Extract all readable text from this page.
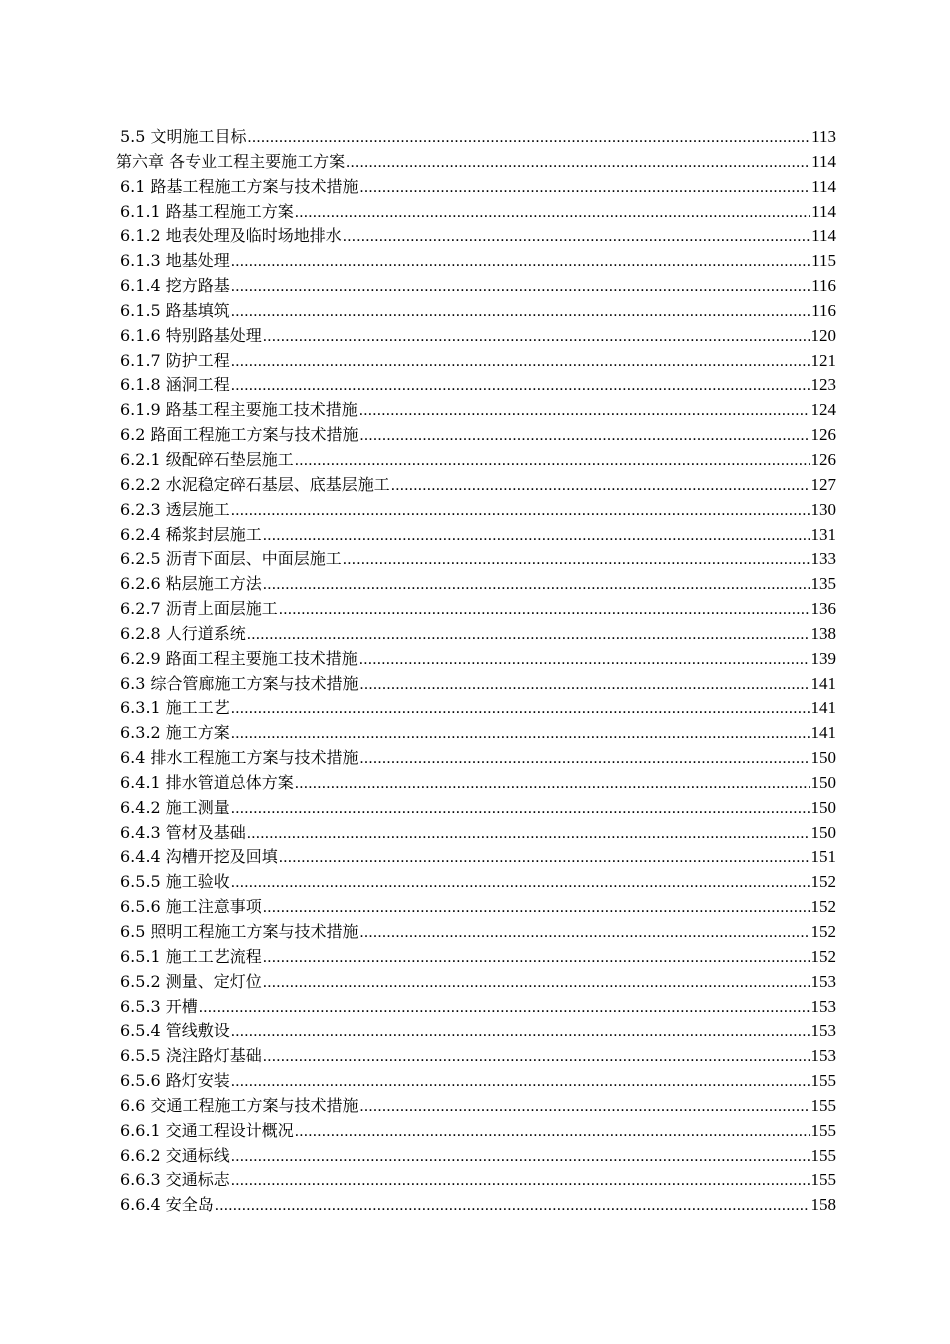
5.5 文明施工目标 .....	113
第六章 各专业工程主要施工方案 .....	114
6.1 路基工程施工方案与技术措施 .....	114
6.1.1 路基工程施工方案 .....	114
6.1.2 地表处理及临时场地排水 .....	114
6.1.3 地基处理 .....	115
6.1.4 挖方路基 .....	116
6.1.5 路基填筑 .....	116
6.1.6 特别路基处理 .....	120
6.1.7 防护工程 .....	121
6.1.8 涵洞工程 .....	123
6.1.9 路基工程主要施工技术措施 .....	124
6.2 路面工程施工方案与技术措施 .....	126
6.2.1 级配碎石垫层施工 .....	126
6.2.2 水泥稳定碎石基层、底基层施工 .....	127
6.2.3 透层施工 .....	130
6.2.4 稀浆封层施工 .....	131
6.2.5 沥青下面层、中面层施工 .....	133
6.2.6 粘层施工方法 .....	135
6.2.7 沥青上面层施工 .....	136
6.2.8 人行道系统 .....	138
6.2.9 路面工程主要施工技术措施 .....	139
6.3 综合管廊施工方案与技术措施 .....	141
6.3.1 施工工艺 .....	141
6.3.2 施工方案 .....	141
6.4 排水工程施工方案与技术措施 .....	150
6.4.1 排水管道总体方案 .....	150
6.4.2 施工测量 .....	150
6.4.3 管材及基础 .....	150
6.4.4 沟槽开挖及回填 .....	151
6.5.5 施工验收 .....	152
6.5.6 施工注意事项 .....	152
6.5 照明工程施工方案与技术措施 .....	152
6.5.1 施工工艺流程 .....	152
6.5.2 测量、定灯位 .....	153
6.5.3 开槽 .....	153
6.5.4 管线敷设 .....	153
6.5.5 浇注路灯基础 .....	153
6.5.6 路灯安装 .....	155
6.6 交通工程施工方案与技术措施 .....	155
6.6.1 交通工程设计概况 .....	155
6.6.2 交通标线 .....	155
6.6.3 交通标志 .....	155
6.6.4 安全岛 .....	158
